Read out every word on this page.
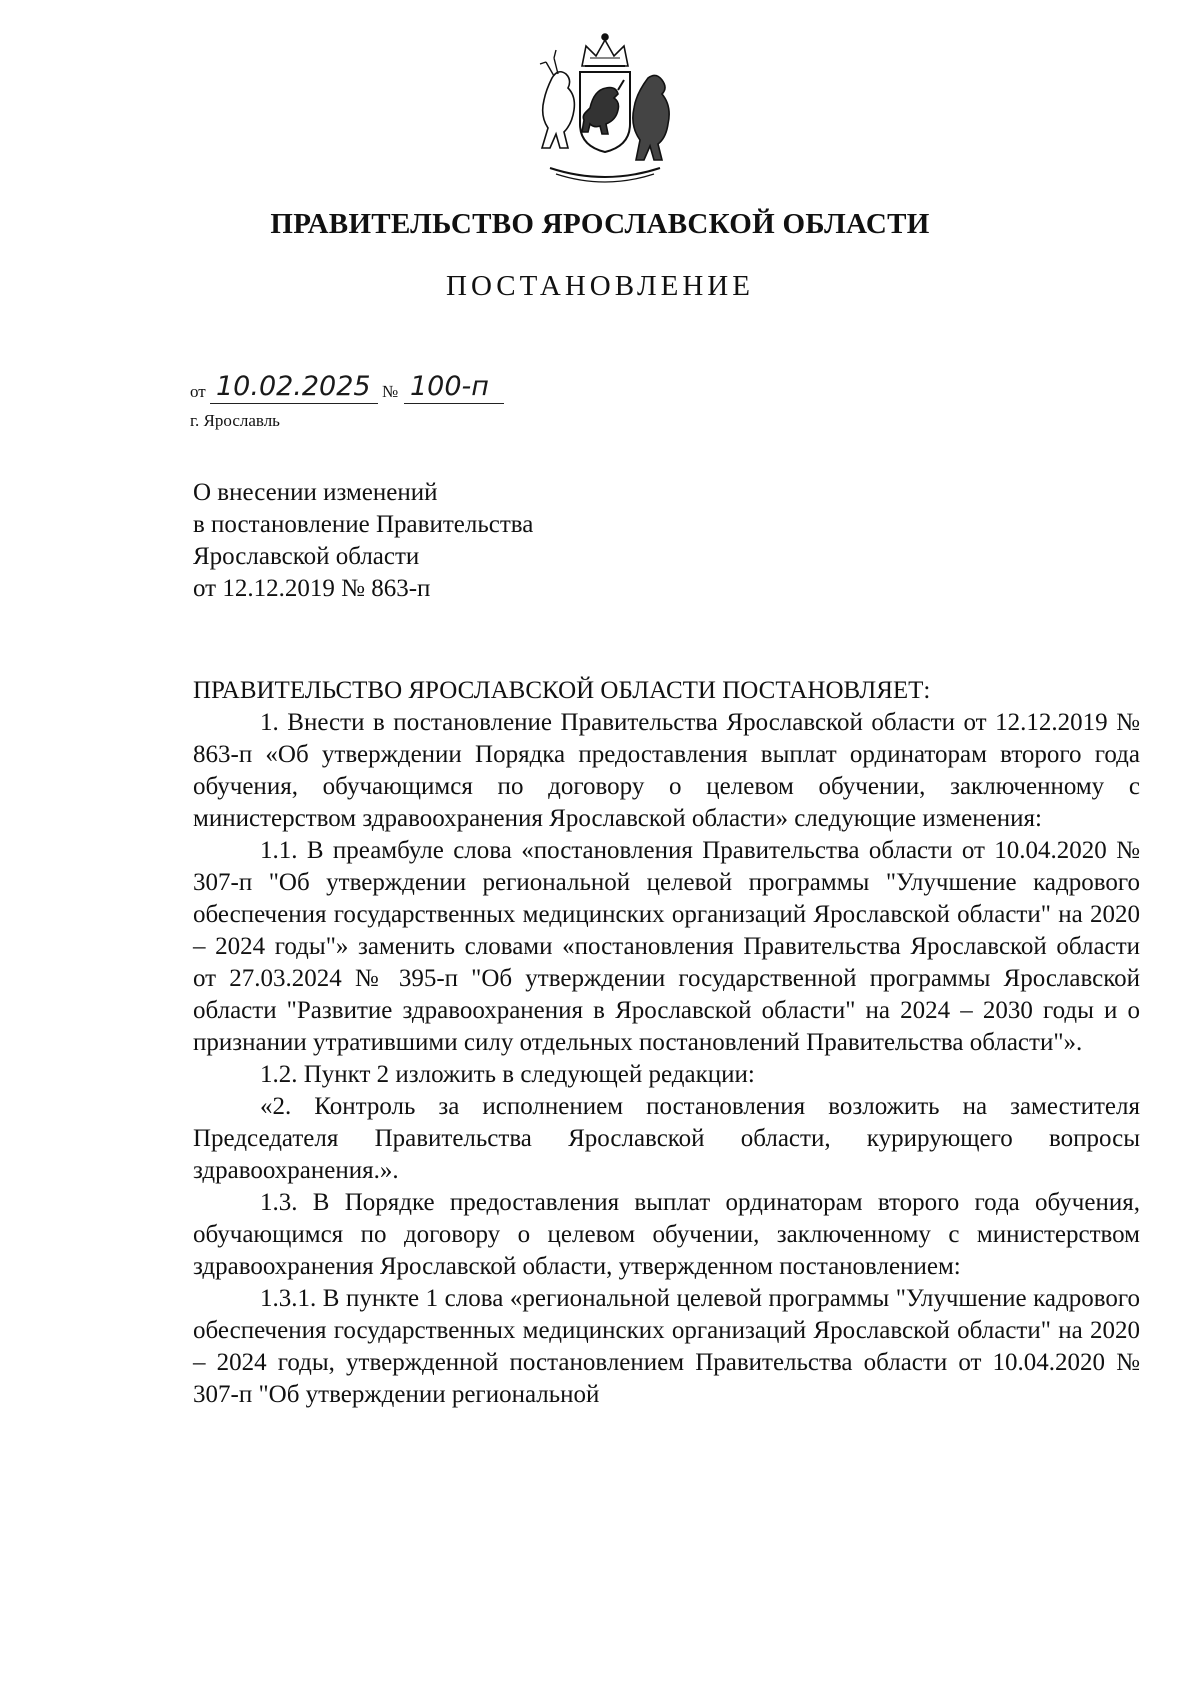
ПРАВИТЕЛЬСТВО ЯРОСЛАВСКОЙ ОБЛАСТИ
ПОСТАНОВЛЕНИЕ
от 10.02.2025 № 100-п
г. Ярославль
О внесении изменений
в постановление Правительства
Ярославской области
от 12.12.2019 № 863-п

ПРАВИТЕЛЬСТВО ЯРОСЛАВСКОЙ ОБЛАСТИ ПОСТАНОВЛЯЕТ:

1. Внести в постановление Правительства Ярославской области от 12.12.2019 № 863-п «Об утверждении Порядка предоставления выплат ординаторам второго года обучения, обучающимся по договору о целевом обучении, заключенному с министерством здравоохранения Ярославской области» следующие изменения:

1.1. В преамбуле слова «постановления Правительства области от 10.04.2020 № 307-п "Об утверждении региональной целевой программы "Улучшение кадрового обеспечения государственных медицинских организаций Ярославской области" на 2020 – 2024 годы"» заменить словами «постановления Правительства Ярославской области от 27.03.2024 № 395-п "Об утверждении государственной программы Ярославской области "Развитие здравоохранения в Ярославской области" на 2024 – 2030 годы и о признании утратившими силу отдельных постановлений Правительства области"».

1.2. Пункт 2 изложить в следующей редакции:

«2. Контроль за исполнением постановления возложить на заместителя Председателя Правительства Ярославской области, курирующего вопросы здравоохранения.».

1.3. В Порядке предоставления выплат ординаторам второго года обучения, обучающимся по договору о целевом обучении, заключенному с министерством здравоохранения Ярославской области, утвержденном постановлением:

1.3.1. В пункте 1 слова «региональной целевой программы "Улучшение кадрового обеспечения государственных медицинских организаций Ярославской области" на 2020 – 2024 годы, утвержденной постановлением Правительства области от 10.04.2020 № 307-п "Об утверждении региональной
